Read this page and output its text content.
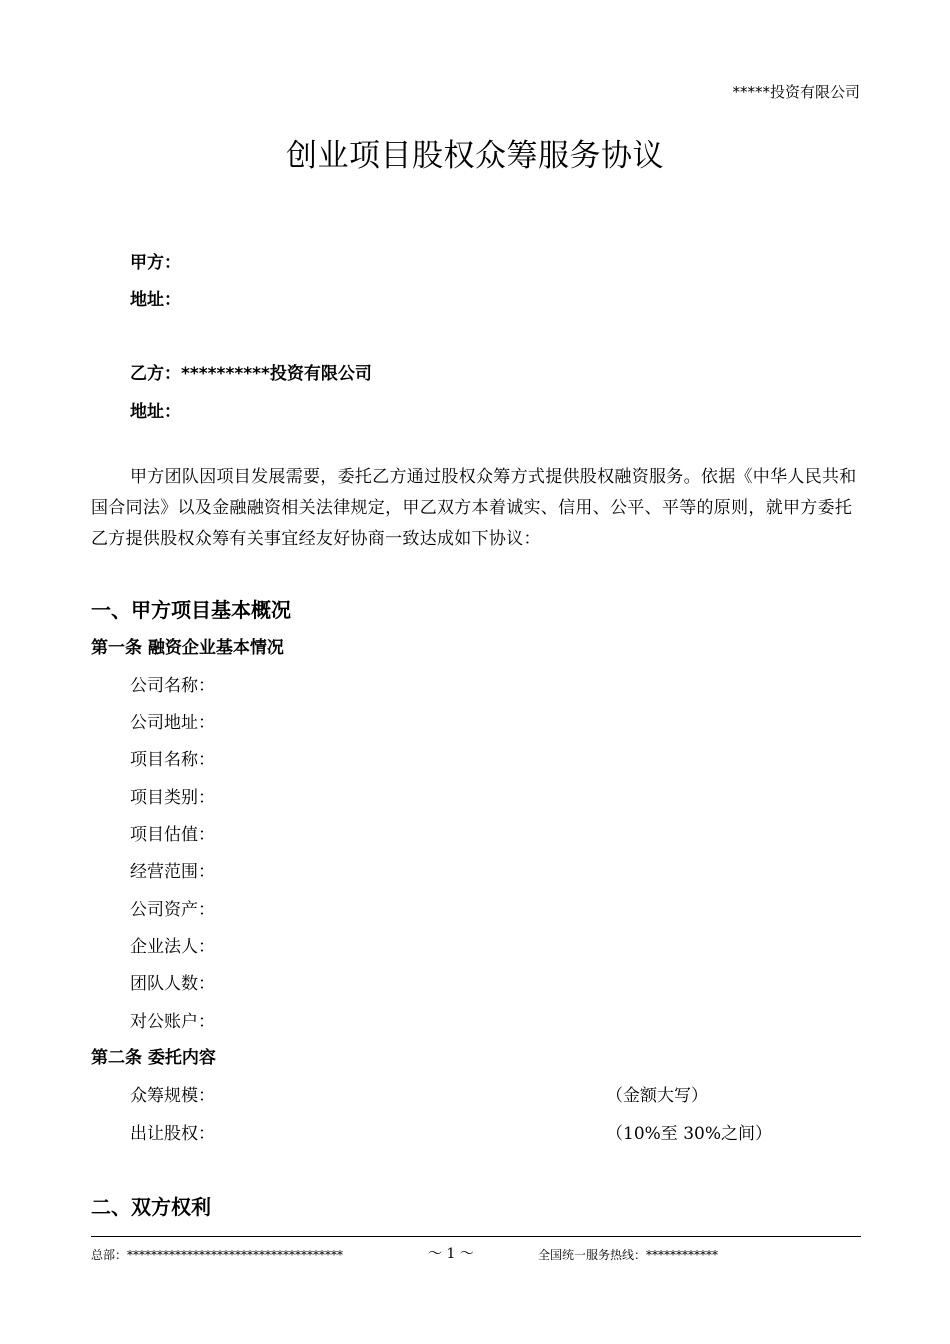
*****投资有限公司
创业项目股权众筹服务协议
甲方：
地址：
乙方：**********投资有限公司
地址：
甲方团队因项目发展需要，委托乙方通过股权众筹方式提供股权融资服务。依据《中华人民共和国合同法》以及金融融资相关法律规定，甲乙双方本着诚实、信用、公平、平等的原则，就甲方委托乙方提供股权众筹有关事宜经友好协商一致达成如下协议：
一、甲方项目基本概况
第一条 融资企业基本情况
公司名称：
公司地址：
项目名称：
项目类别：
项目估值：
经营范围：
公司资产：
企业法人：
团队人数：
对公账户：
第二条 委托内容
众筹规模：	（金额大写）
出让股权：	（10%至 30%之间）
二、双方权利
总部：************************************	～ 1 ～	全国统一服务热线：************
